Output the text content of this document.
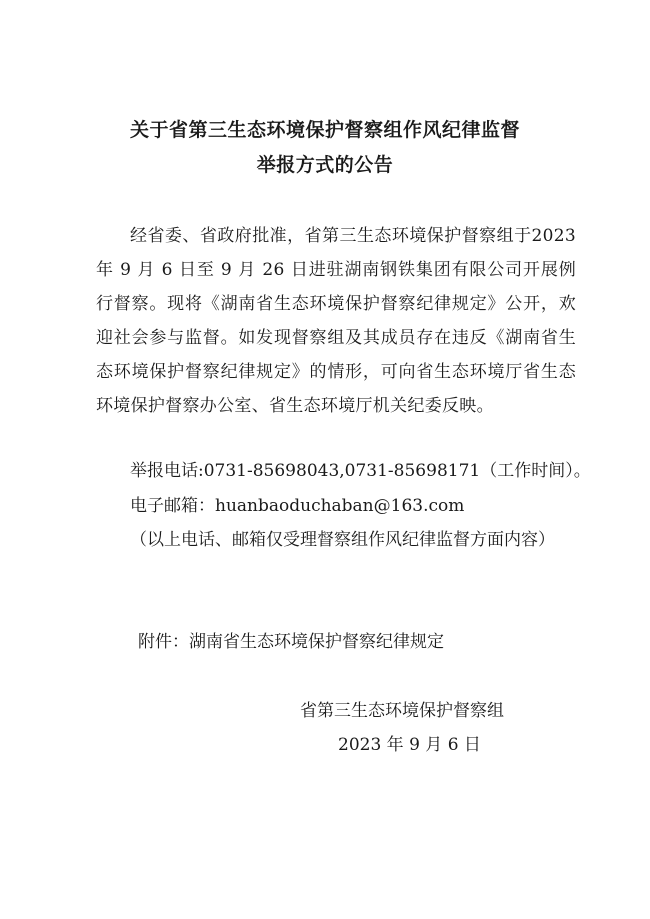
关于省第三生态环境保护督察组作风纪律监督
举报方式的公告
经省委、省政府批准，省第三生态环境保护督察组于2023 年 9 月 6 日至 9 月 26 日进驻湖南钢铁集团有限公司开展例行督察。现将《湖南省生态环境保护督察纪律规定》公开，欢迎社会参与监督。如发现督察组及其成员存在违反《湖南省生态环境保护督察纪律规定》的情形，可向省生态环境厅省生态环境保护督察办公室、省生态环境厅机关纪委反映。
举报电话:0731-85698043,0731-85698171（工作时间）。
电子邮箱：huanbaoduchaban@163.com
（以上电话、邮箱仅受理督察组作风纪律监督方面内容）
附件：湖南省生态环境保护督察纪律规定
省第三生态环境保护督察组
2023 年 9 月 6 日
